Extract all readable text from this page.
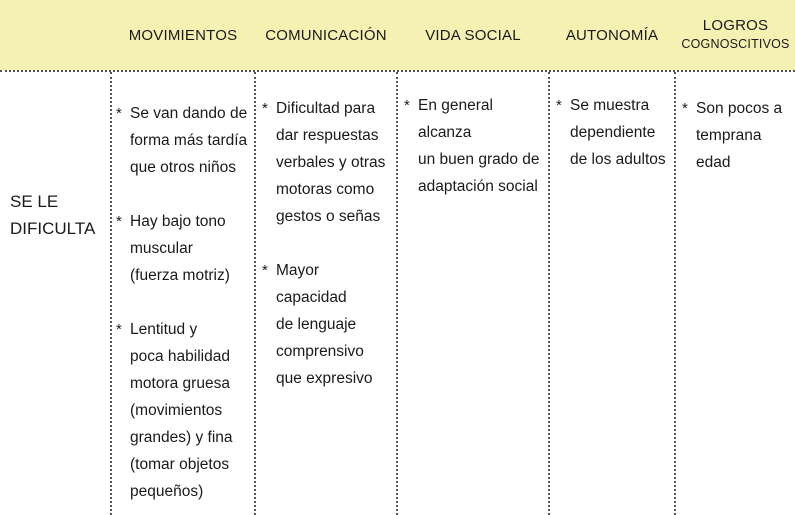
MOVIMIENTOS COMUNICACIÓN	VIDA SOCIAL	AUTONOMÍA
LOGROS
COGNOSCITIVOS
SE LE
DIFICULTA
* Se van dando de
forma más tardía
que otros niños
* Hay bajo tono
muscular
(fuerza motriz)
* Lentitud y
poca habilidad
motora gruesa
(movimientos
grandes) y fina
(tomar objetos
pequeños)
* Dificultad para
dar respuestas
verbales y otras
motoras como
gestos o señas
* Mayor capacidad
de lenguaje
comprensivo
que expresivo
* En general alcanza
un buen grado de
adaptación social
* Se muestra
dependiente
de los adultos
* Son pocos a
temprana edad
